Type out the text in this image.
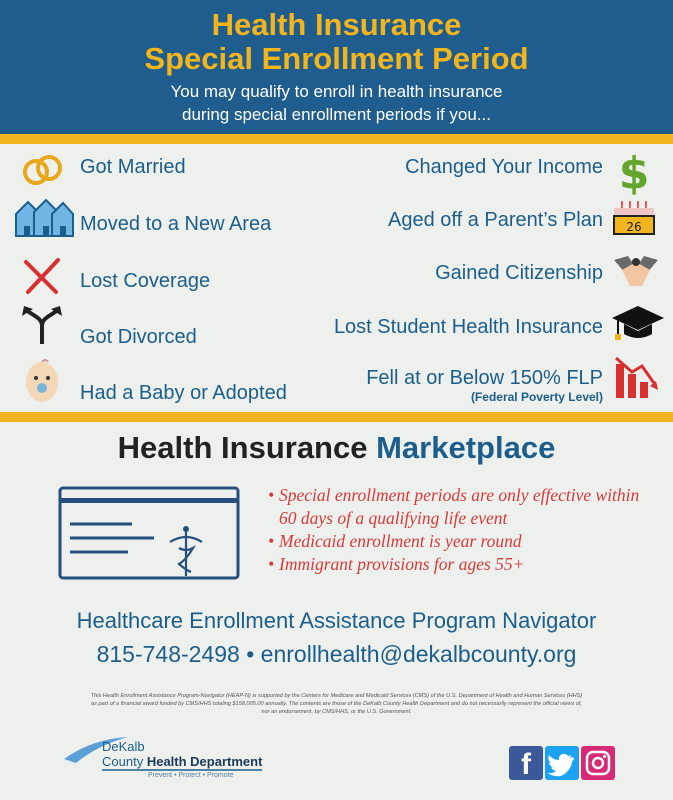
Health Insurance
Special Enrollment Period
You may qualify to enroll in health insurance
during special enrollment periods if you...
Got Married
Moved to a New Area
Lost Coverage
Got Divorced
Had a Baby or Adopted
Changed Your Income
Aged off a Parent’s Plan
Gained Citizenship
Lost Student Health Insurance
Fell at or Below 150% FLP
(Federal Poverty Level)
$
26
Health Insurance Marketplace
• Special enrollment periods are only effective within 60 days of a qualifying life event
• Medicaid enrollment is year round
• Immigrant provisions for ages 55+
Healthcare Enrollment Assistance Program Navigator
815-748-2498 • enrollhealth@dekalbcounty.org
This Health Enrollment Assistance Program-Navigator (HEAP-N) is supported by the Centers for Medicare and Medicaid Services (CMS) of the U.S. Department of Health and Human Services (HHS) as part of a financial award funded by CMS/HHS totaling $158,005.00 annually. The contents are those of the DeKalb County Health Department and do not necessarily represent the official views of, nor an endorsement, by CMS/HHS, or the U.S. Government.
DeKalb
County Health Department
Prevent • Protect • Promote	f
